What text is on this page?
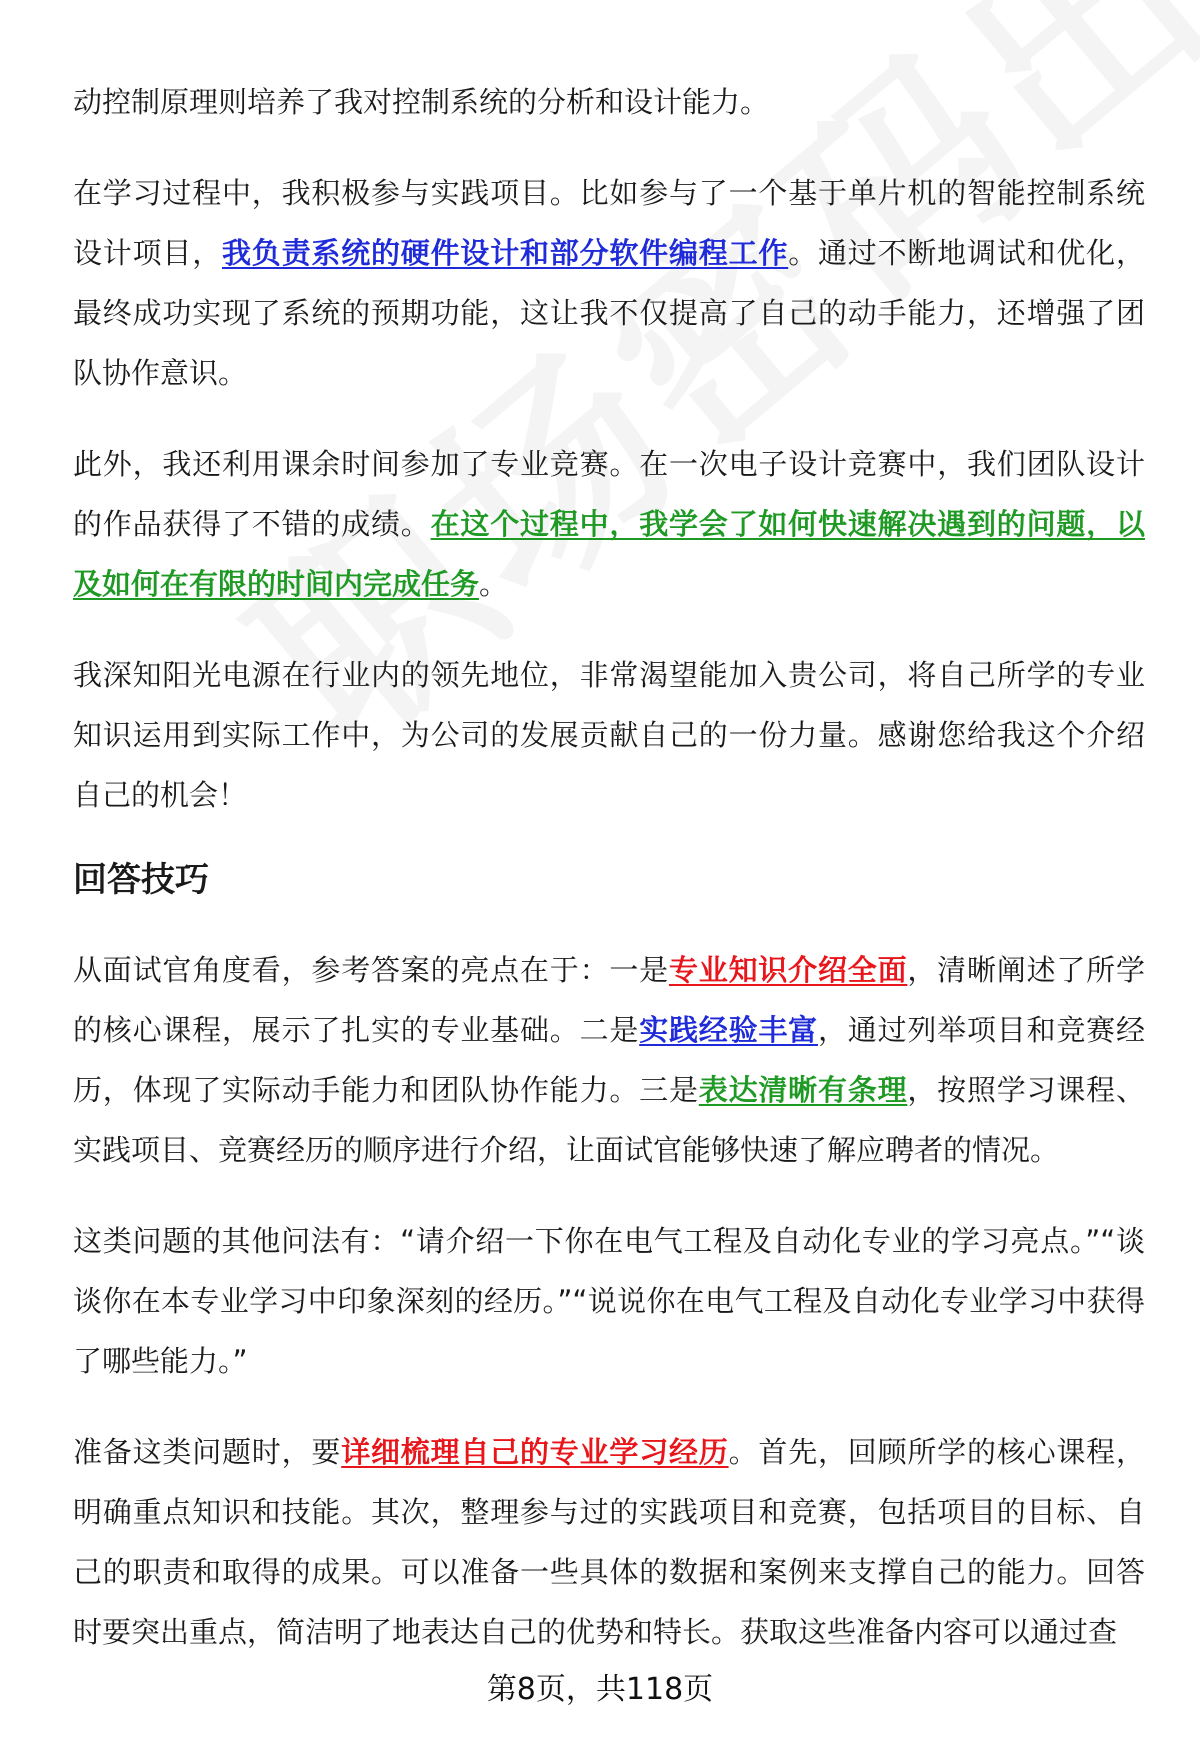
动控制原理则培养了我对控制系统的分析和设计能力。

在学习过程中，我积极参与实践项目。比如参与了一个基于单片机的智能控制系统设计项目，我负责系统的硬件设计和部分软件编程工作。通过不断地调试和优化，最终成功实现了系统的预期功能，这让我不仅提高了自己的动手能力，还增强了团队协作意识。

此外，我还利用课余时间参加了专业竞赛。在一次电子设计竞赛中，我们团队设计的作品获得了不错的成绩。在这个过程中，我学会了如何快速解决遇到的问题，以及如何在有限的时间内完成任务。

我深知阳光电源在行业内的领先地位，非常渴望能加入贵公司，将自己所学的专业知识运用到实际工作中，为公司的发展贡献自己的一份力量。感谢您给我这个介绍自己的机会！

回答技巧

从面试官角度看，参考答案的亮点在于：一是专业知识介绍全面，清晰阐述了所学的核心课程，展示了扎实的专业基础。二是实践经验丰富，通过列举项目和竞赛经历，体现了实际动手能力和团队协作能力。三是表达清晰有条理，按照学习课程、实践项目、竞赛经历的顺序进行介绍，让面试官能够快速了解应聘者的情况。

这类问题的其他问法有：“请介绍一下你在电气工程及自动化专业的学习亮点。”“谈谈你在本专业学习中印象深刻的经历。”“说说你在电气工程及自动化专业学习中获得了哪些能力。”

准备这类问题时，要详细梳理自己的专业学习经历。首先，回顾所学的核心课程，明确重点知识和技能。其次，整理参与过的实践项目和竞赛，包括项目的目标、自己的职责和取得的成果。可以准备一些具体的数据和案例来支撑自己的能力。回答时要突出重点，简洁明了地表达自己的优势和特长。获取这些准备内容可以通过查

第8页，共118页
